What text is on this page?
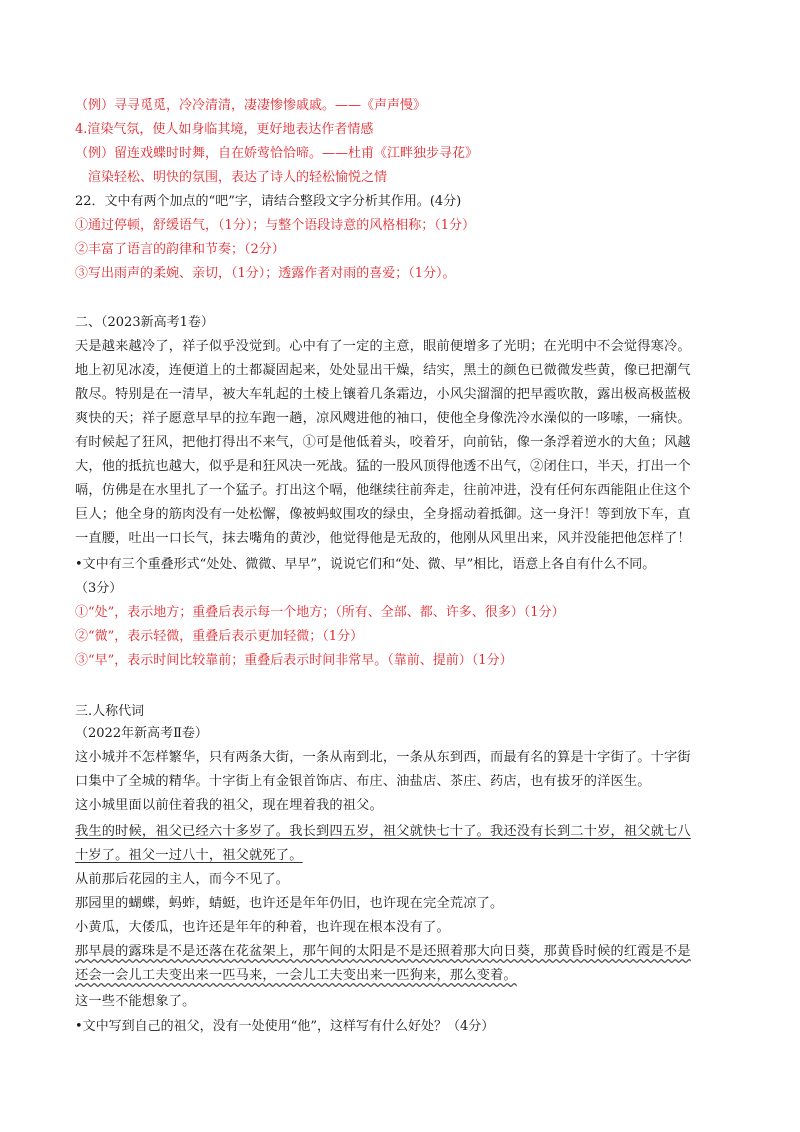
（例）寻寻觅觅，冷冷清清，凄凄惨惨戚戚。——《声声慢》
4.渲染气氛，使人如身临其境，更好地表达作者情感
（例）留连戏蝶时时舞，自在娇莺恰恰啼。——杜甫《江畔独步寻花》
　渲染轻松、明快的氛围，表达了诗人的轻松愉悦之情
22．文中有两个加点的“吧”字，请结合整段文字分析其作用。(4分)
①通过停顿，舒缓语气，（1分）；与整个语段诗意的风格相称；（1分）
②丰富了语言的韵律和节奏；（2分）
③写出雨声的柔婉、亲切，（1分）；透露作者对雨的喜爱；（1分）。
二、（2023新高考1卷）
天是越来越冷了，祥子似乎没觉到。心中有了一定的主意，眼前便增多了光明；在光明中不会觉得寒冷。
地上初见冰凌，连便道上的土都凝固起来，处处显出干燥，结实，黑土的颜色已微微发些黄，像已把潮气
散尽。特别是在一清早，被大车轧起的土棱上镶着几条霜边，小风尖溜溜的把早霞吹散，露出极高极蓝极
爽快的天；祥子愿意早早的拉车跑一趟，凉风飕进他的袖口，使他全身像洗冷水澡似的一哆嗦，一痛快。
有时候起了狂风，把他打得出不来气，①可是他低着头，咬着牙，向前钻，像一条浮着逆水的大鱼；风越
大，他的抵抗也越大，似乎是和狂风决一死战。猛的一股风顶得他透不出气，②闭住口，半天，打出一个
嗝，仿佛是在水里扎了一个猛子。打出这个嗝，他继续往前奔走，往前冲进，没有任何东西能阻止住这个
巨人；他全身的筋肉没有一处松懈，像被蚂蚁围攻的绿虫，全身摇动着抵御。这一身汗！等到放下车，直
一直腰，吐出一口长气，抹去嘴角的黄沙，他觉得他是无敌的，他刚从风里出来，风并没能把他怎样了！
•文中有三个重叠形式“处处、微微、早早”，说说它们和“处、微、早”相比，语意上各自有什么不同。
（3分）
①“处”，表示地方；重叠后表示每一个地方；（所有、全部、都、许多、很多）（1分）
②“微”，表示轻微，重叠后表示更加轻微；（1分）
③“早”，表示时间比较靠前；重叠后表示时间非常早。（靠前、提前）（1分）
三.人称代词
（2022年新高考Ⅱ卷）
这小城并不怎样繁华，只有两条大街，一条从南到北，一条从东到西，而最有名的算是十字街了。十字街
口集中了全城的精华。十字街上有金银首饰店、布庄、油盐店、茶庄、药店，也有拔牙的洋医生。
这小城里面以前住着我的祖父，现在埋着我的祖父。
我生的时候，祖父已经六十多岁了。我长到四五岁，祖父就快七十了。我还没有长到二十岁，祖父就七八
十岁了。祖父一过八十，祖父就死了。
从前那后花园的主人，而今不见了。
那园里的蝴蝶，蚂蚱，蜻蜓，也许还是年年仍旧，也许现在完全荒凉了。
小黄瓜，大倭瓜，也许还是年年的种着，也许现在根本没有了。
那早晨的露珠是不是还落在花盆架上，那午间的太阳是不是还照着那大向日葵，那黄昏时候的红霞是不是
还会一会儿工夫变出来一匹马来，一会儿工夫变出来一匹狗来，那么变着。
这一些不能想象了。
•文中写到自己的祖父，没有一处使用“他”，这样写有什么好处？（4分）
